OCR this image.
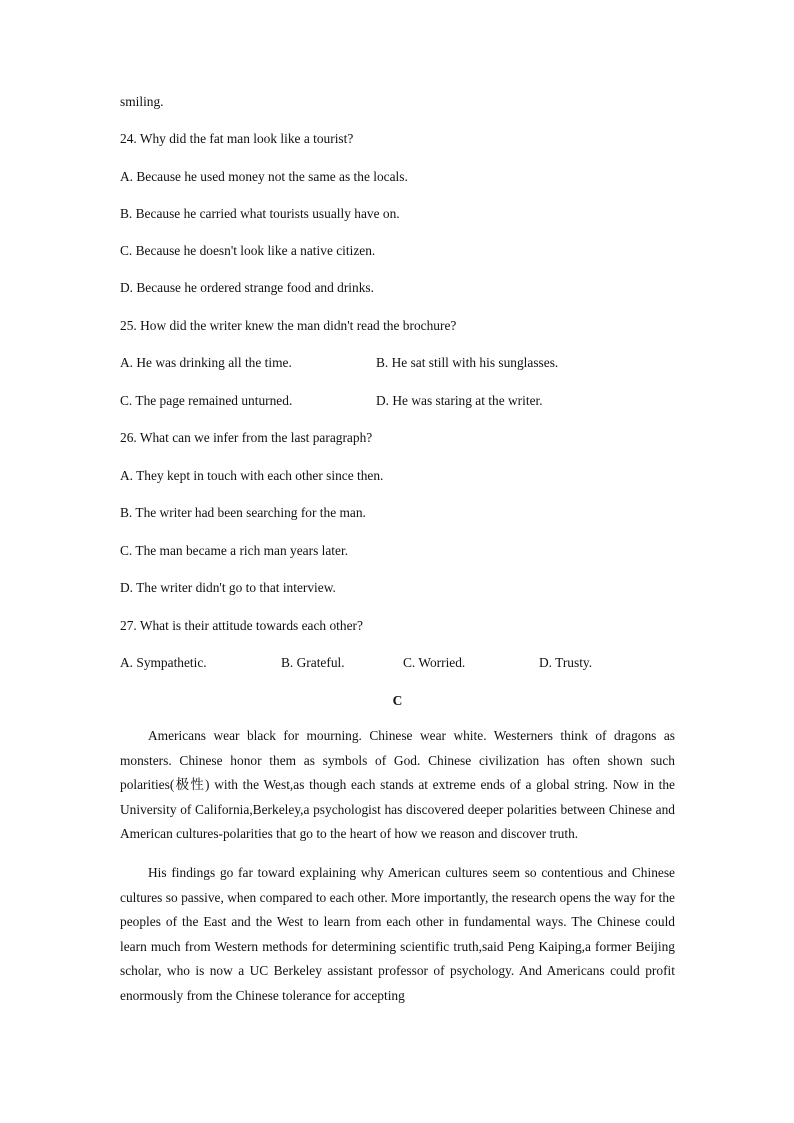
smiling.
24. Why did the fat man look like a tourist?
A. Because he used money not the same as the locals.
B. Because he carried what tourists usually have on.
C. Because he doesn't look like a native citizen.
D. Because he ordered strange food and drinks.
25. How did the writer knew the man didn't read the brochure?
A. He was drinking all the time.	B. He sat still with his sunglasses.
C. The page remained unturned.	D. He was staring at the writer.
26. What can we infer from the last paragraph?
A. They kept in touch with each other since then.
B. The writer had been searching for the man.
C. The man became a rich man years later.
D. The writer didn't go to that interview.
27. What is their attitude towards each other?
A. Sympathetic.	B. Grateful.	C. Worried.	D. Trusty.
C
Americans wear black for mourning. Chinese wear white. Westerners think of dragons as monsters. Chinese honor them as symbols of God. Chinese civilization has often shown such polarities(极性) with the West,as though each stands at extreme ends of a global string. Now in the University of California,Berkeley,a psychologist has discovered deeper polarities between Chinese and American cultures-polarities that go to the heart of how we reason and discover truth.
His findings go far toward explaining why American cultures seem so contentious and Chinese cultures so passive, when compared to each other. More importantly, the research opens the way for the peoples of the East and the West to learn from each other in fundamental ways. The Chinese could learn much from Western methods for determining scientific truth,said Peng Kaiping,a former Beijing scholar, who is now a UC Berkeley assistant professor of psychology. And Americans could profit enormously from the Chinese tolerance for accepting
